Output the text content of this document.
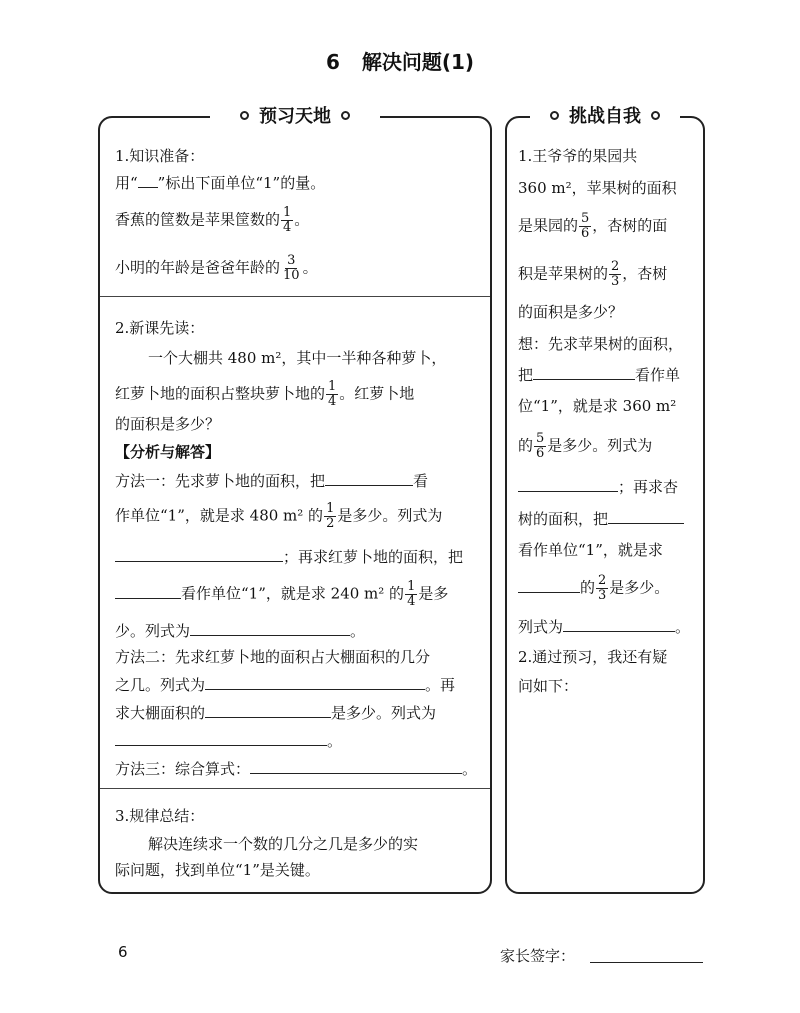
6 解决问题(1)
预习天地
1.知识准备：
用“ ”标出下面单位“1”的量。
香蕉的筐数是苹果筐数的 $\frac{1}{4}$ 。
小明的年龄是爸爸年龄的 $\frac{3}{10}$ 。
2.新课先读：
一个大棚共 480 m²，其中一半种各种萝卜，
红萝卜地的面积占整块萝卜地的 $\frac{1}{4}$ 。红萝卜地
的面积是多少？
【分析与解答】
方法一：先求萝卜地的面积，把	看
作单位“1”，就是求 480 m² 的 $\frac{1}{2}$ 是多少。列式为
；再求红萝卜地的面积，把
看作单位“1”，就是求 240 m² 的 $\frac{1}{4}$ 是多
少。列式为	。
方法二：先求红萝卜地的面积占大棚面积的几分
之几。列式为	。再
求大棚面积的	是多少。列式为
。
方法三：综合算式：	。
3.规律总结：
解决连续求一个数的几分之几是多少的实
际问题，找到单位“1”是关键。
挑战自我
1.王爷爷的果园共
360 m²，苹果树的面积
是果园的 $\frac{5}{6}$ ，杏树的面
积是苹果树的 $\frac{2}{3}$ ，杏树
的面积是多少？
想：先求苹果树的面积，
把	看作单
位“1”，就是求 360 m²
的 $\frac{5}{6}$ 是多少。列式为
；再求杏
树的面积，把
看作单位“1”，就是求
的 $\frac{2}{3}$ 是多少。
列式为	。
2.通过预习，我还有疑
问如下：
6	家长签字：
